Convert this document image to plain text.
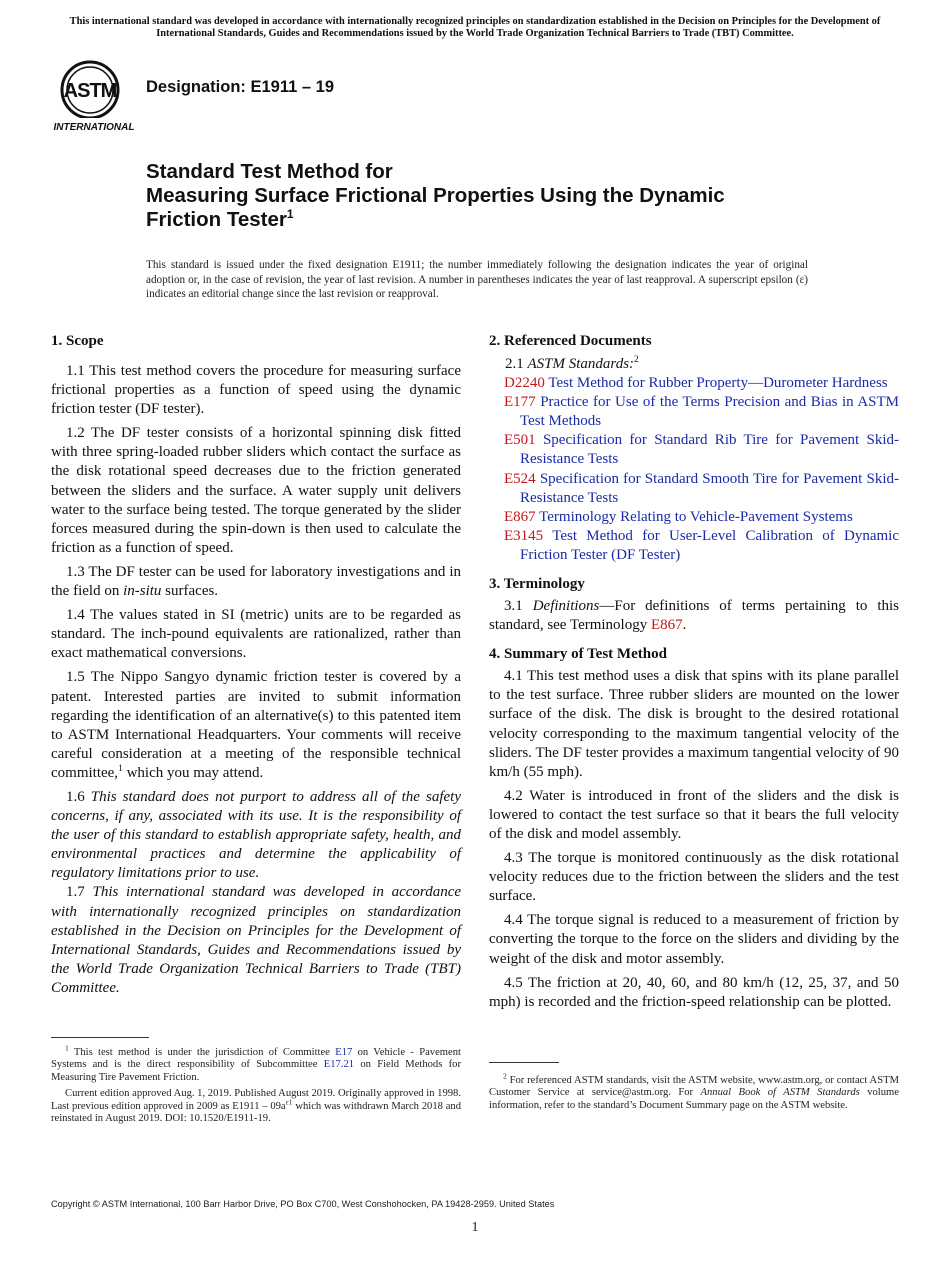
This international standard was developed in accordance with internationally recognized principles on standardization established in the Decision on Principles for the Development of International Standards, Guides and Recommendations issued by the World Trade Organization Technical Barriers to Trade (TBT) Committee.
ASTM
INTERNATIONAL
Designation: E1911 – 19
Standard Test Method for
Measuring Surface Frictional Properties Using the Dynamic
Friction Tester$^1$
This standard is issued under the fixed designation E1911; the number immediately following the designation indicates the year of original adoption or, in the case of revision, the year of last revision. A number in parentheses indicates the year of last reapproval. A superscript epsilon (ε) indicates an editorial change since the last revision or reapproval.

1. Scope

1.1 This test method covers the procedure for measuring surface frictional properties as a function of speed using the dynamic friction tester (DF tester).

1.2 The DF tester consists of a horizontal spinning disk fitted with three spring-loaded rubber sliders which contact the surface as the disk rotational speed decreases due to the friction generated between the sliders and the surface. A water supply unit delivers water to the surface being tested. The torque generated by the slider forces measured during the spin-down is then used to calculate the friction as a function of speed.

1.3 The DF tester can be used for laboratory investigations and in the field on in-situ surfaces.

1.4 The values stated in SI (metric) units are to be regarded as standard. The inch-pound equivalents are rationalized, rather than exact mathematical conversions.

1.5 The Nippo Sangyo dynamic friction tester is covered by a patent. Interested parties are invited to submit information regarding the identification of an alternative(s) to this patented item to ASTM International Headquarters. Your comments will receive careful consideration at a meeting of the responsible technical committee,$^1$ which you may attend.

1.6 This standard does not purport to address all of the safety concerns, if any, associated with its use. It is the responsibility of the user of this standard to establish appropriate safety, health, and environmental practices and determine the applicability of regulatory limitations prior to use.

1.7 This international standard was developed in accordance with internationally recognized principles on standardization established in the Decision on Principles for the Development of International Standards, Guides and Recommendations issued by the World Trade Organization Technical Barriers to Trade (TBT) Committee.

2. Referenced Documents

2.1 ASTM Standards:$^2$

D2240 Test Method for Rubber Property—Durometer Hardness

E177 Practice for Use of the Terms Precision and Bias in ASTM Test Methods

E501 Specification for Standard Rib Tire for Pavement Skid-Resistance Tests

E524 Specification for Standard Smooth Tire for Pavement Skid-Resistance Tests

E867 Terminology Relating to Vehicle-Pavement Systems

E3145 Test Method for User-Level Calibration of Dynamic Friction Tester (DF Tester)

3. Terminology

3.1 Definitions—For definitions of terms pertaining to this standard, see Terminology E867.

4. Summary of Test Method

4.1 This test method uses a disk that spins with its plane parallel to the test surface. Three rubber sliders are mounted on the lower surface of the disk. The disk is brought to the desired rotational velocity corresponding to the maximum tangential velocity of the sliders. The DF tester provides a maximum tangential velocity of 90 km/h (55 mph).

4.2 Water is introduced in front of the sliders and the disk is lowered to contact the test surface so that it bears the full velocity of the disk and model assembly.

4.3 The torque is monitored continuously as the disk rotational velocity reduces due to the friction between the sliders and the test surface.

4.4 The torque signal is reduced to a measurement of friction by converting the torque to the force on the sliders and dividing by the weight of the disk and motor assembly.

4.5 The friction at 20, 40, 60, and 80 km/h (12, 25, 37, and 50 mph) is recorded and the friction-speed relationship can be plotted.

$^1$ This test method is under the jurisdiction of Committee E17 on Vehicle - Pavement Systems and is the direct responsibility of Subcommittee E17.21 on Field Methods for Measuring Tire Pavement Friction.

Current edition approved Aug. 1, 2019. Published August 2019. Originally approved in 1998. Last previous edition approved in 2009 as $E1911 - 09a^{\varepsilon 1}$ which was withdrawn March 2018 and reinstated in August 2019. DOI: 10.1520/E1911-19.

$^2$ For referenced ASTM standards, visit the ASTM website, www.astm.org, or contact ASTM Customer Service at service@astm.org. For Annual Book of ASTM Standards volume information, refer to the standard’s Document Summary page on the ASTM website.

Copyright © ASTM International, 100 Barr Harbor Drive, PO Box C700, West Conshohocken, PA 19428-2959. United States
1
